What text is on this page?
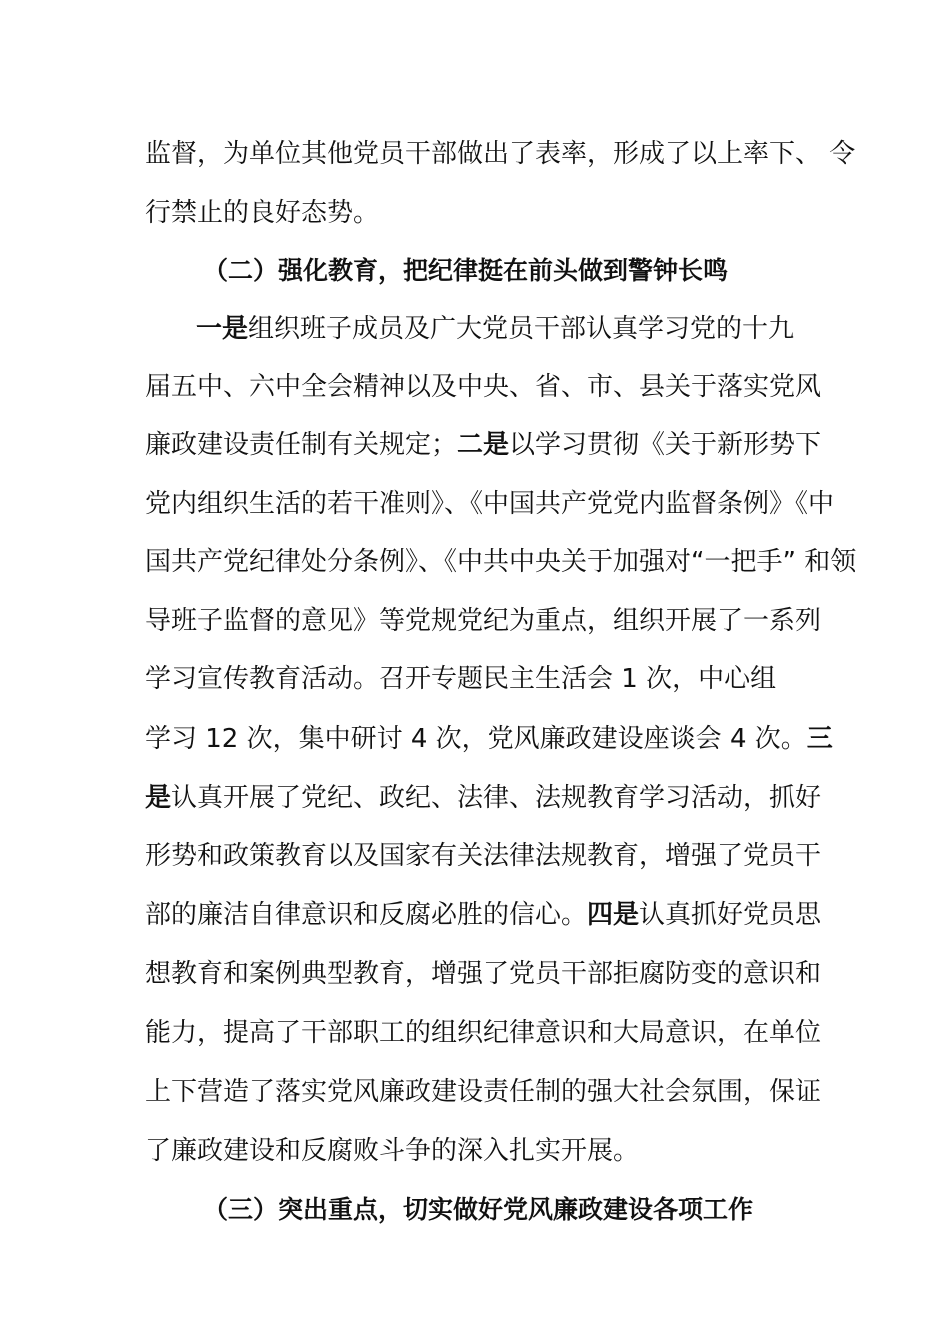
监督，为单位其他党员干部做出了表率，形成了以上率下、 令
行禁止的良好态势。
（二）强化教育，把纪律挺在前头做到警钟长鸣
一是组织班子成员及广大党员干部认真学习党的十九
届五中、六中全会精神以及中央、省、市、县关于落实党风
廉政建设责任制有关规定；二是以学习贯彻《关于新形势下
党内组织生活的若干准则》、《中国共产党党内监督条例》《中
国共产党纪律处分条例》、《中共中央关于加强对“一把手” 和领
导班子监督的意见》等党规党纪为重点，组织开展了一系列
学习宣传教育活动。召开专题民主生活会 1 次，中心组
学习 12 次，集中研讨 4 次，党风廉政建设座谈会 4 次。三
是认真开展了党纪、政纪、法律、法规教育学习活动，抓好
形势和政策教育以及国家有关法律法规教育，增强了党员干
部的廉洁自律意识和反腐必胜的信心。四是认真抓好党员思
想教育和案例典型教育，增强了党员干部拒腐防变的意识和
能力，提高了干部职工的组织纪律意识和大局意识，在单位
上下营造了落实党风廉政建设责任制的强大社会氛围，保证
了廉政建设和反腐败斗争的深入扎实开展。
（三）突出重点，切实做好党风廉政建设各项工作
